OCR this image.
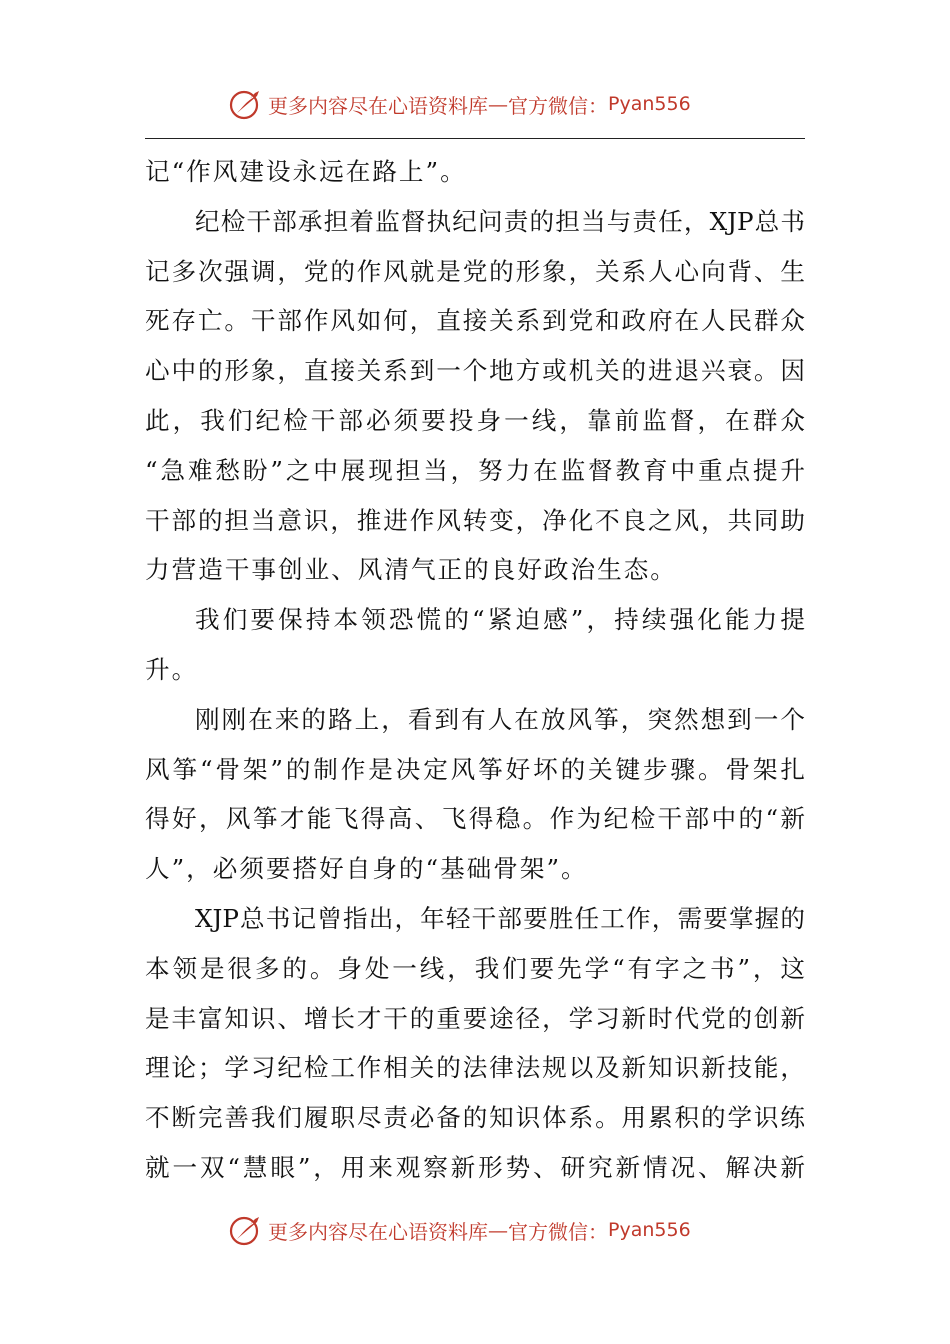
更多内容尽在心语资料库 — 官方微信： Pyan556
记“作风建设永远在路上”。
纪检干部承担着监督执纪问责的担当与责任，XJP总书
记多次强调，党的作风就是党的形象，关系人心向背、生
死存亡。干部作风如何，直接关系到党和政府在人民群众
心中的形象，直接关系到一个地方或机关的进退兴衰。因
此，我们纪检干部必须要投身一线，靠前监督，在群众
“急难愁盼”之中展现担当，努力在监督教育中重点提升
干部的担当意识，推进作风转变，净化不良之风，共同助
力营造干事创业、风清气正的良好政治生态。
我们要保持本领恐慌的“紧迫感”，持续强化能力提
升。
刚刚在来的路上，看到有人在放风筝，突然想到一个
风筝“骨架”的制作是决定风筝好坏的关键步骤。骨架扎
得好，风筝才能飞得高、飞得稳。作为纪检干部中的“新
人”，必须要搭好自身的“基础骨架”。
XJP总书记曾指出，年轻干部要胜任工作，需要掌握的
本领是很多的。身处一线，我们要先学“有字之书”，这
是丰富知识、增长才干的重要途径，学习新时代党的创新
理论；学习纪检工作相关的法律法规以及新知识新技能，
不断完善我们履职尽责必备的知识体系。用累积的学识练
就一双“慧眼”，用来观察新形势、研究新情况、解决新
更多内容尽在心语资料库 — 官方微信： Pyan556
